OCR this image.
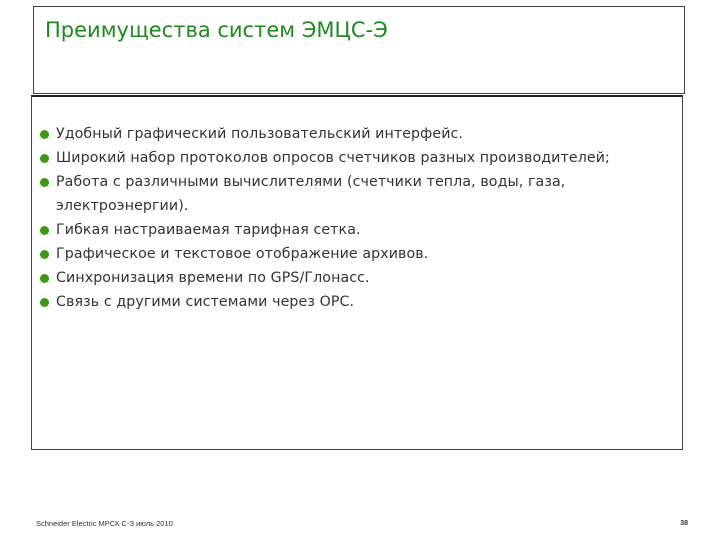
Преимущества систем ЭМЦС-Э
Удобный графический пользовательский интерфейс.
Широкий набор протоколов опросов счетчиков разных производителей;
Работа с различными вычислителями (счетчики тепла, воды, газа, электроэнергии).
Гибкая настраиваемая тарифная сетка.
Графическое и текстовое отображение архивов.
Синхронизация времени по GPS/Глонасс.
Связь с другими системами через OPC.
Schneider Electric МРСК С-З июль 2010	38
